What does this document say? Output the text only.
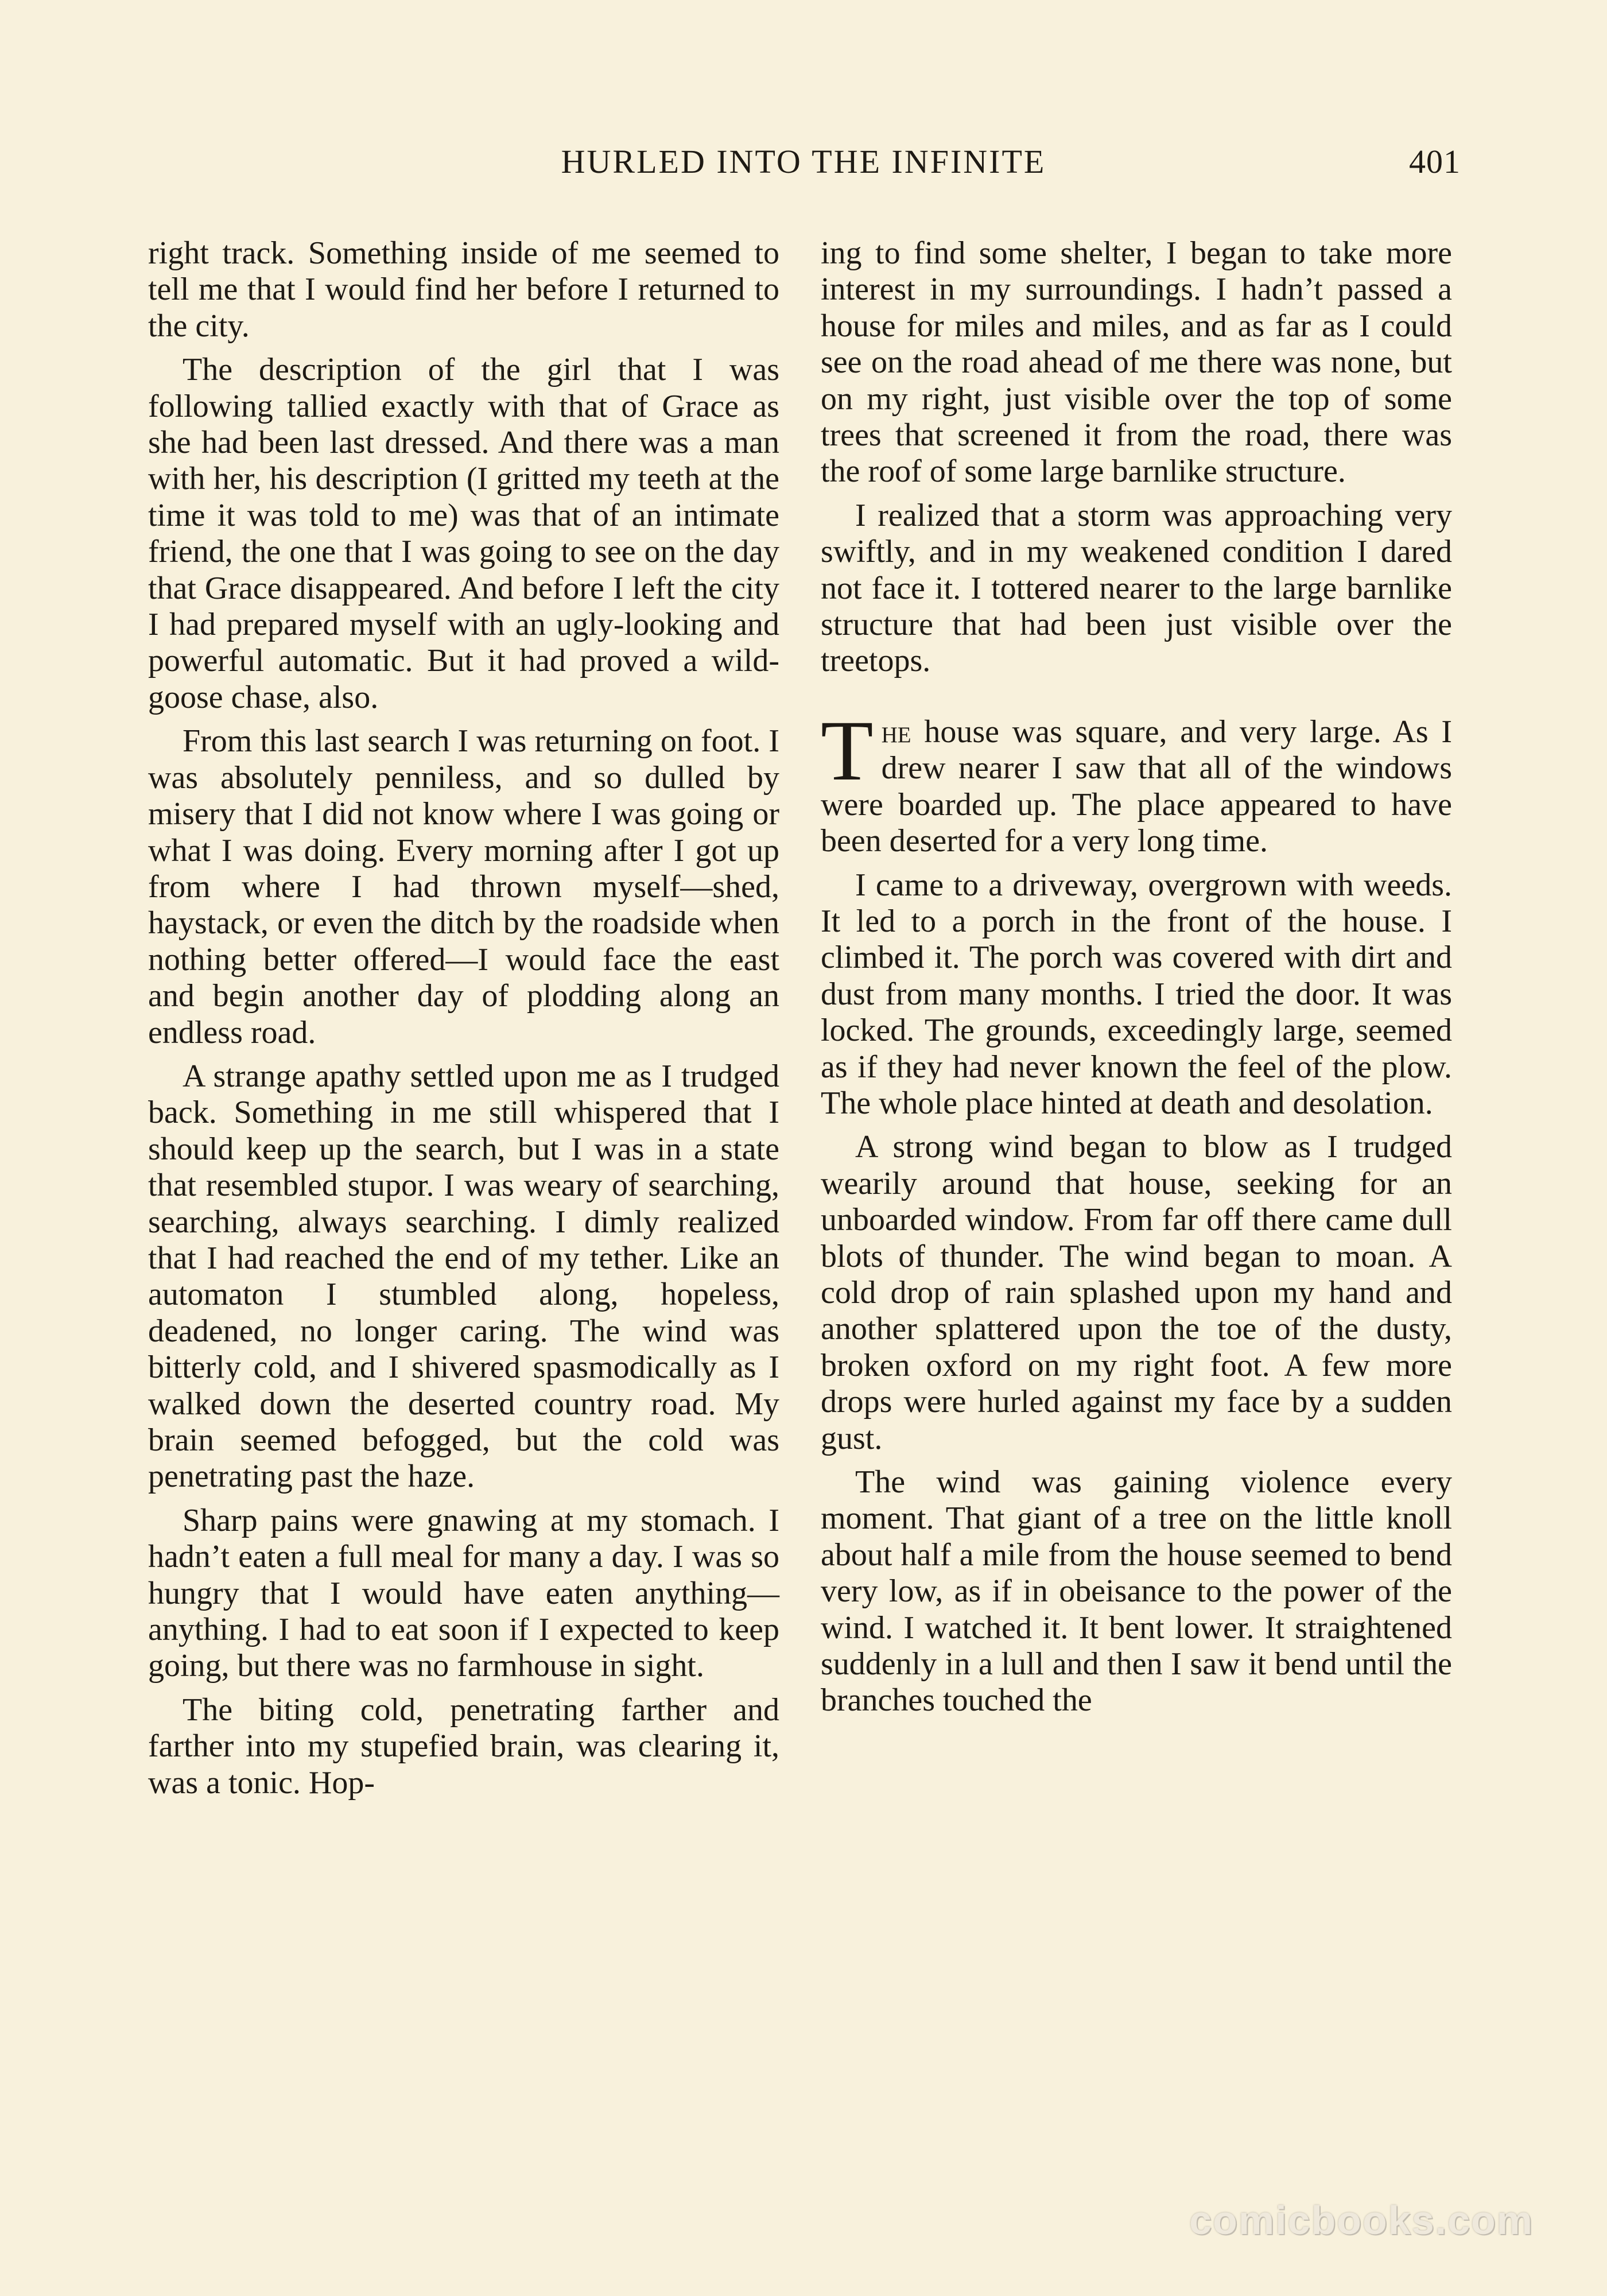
HURLED INTO THE INFINITE	401

right track. Something inside of me seemed to tell me that I would find her before I returned to the city.

The description of the girl that I was following tallied exactly with that of Grace as she had been last dressed. And there was a man with her, his description (I gritted my teeth at the time it was told to me) was that of an intimate friend, the one that I was going to see on the day that Grace disappeared. And before I left the city I had prepared myself with an ugly-looking and powerful automatic. But it had proved a wild-goose chase, also.

From this last search I was returning on foot. I was absolutely penniless, and so dulled by misery that I did not know where I was going or what I was doing. Every morning after I got up from where I had thrown myself—shed, haystack, or even the ditch by the roadside when nothing better offered—I would face the east and begin another day of plodding along an endless road.

A strange apathy settled upon me as I trudged back. Something in me still whispered that I should keep up the search, but I was in a state that resembled stupor. I was weary of searching, searching, always searching. I dimly realized that I had reached the end of my tether. Like an automaton I stumbled along, hopeless, deadened, no longer caring. The wind was bitterly cold, and I shivered spasmodically as I walked down the deserted country road. My brain seemed befogged, but the cold was penetrating past the haze.

Sharp pains were gnawing at my stomach. I hadn’t eaten a full meal for many a day. I was so hungry that I would have eaten anything—anything. I had to eat soon if I expected to keep going, but there was no farmhouse in sight.

The biting cold, penetrating farther and farther into my stupefied brain, was clearing it, was a tonic. Hop-

ing to find some shelter, I began to take more interest in my surroundings. I hadn’t passed a house for miles and miles, and as far as I could see on the road ahead of me there was none, but on my right, just visible over the top of some trees that screened it from the road, there was the roof of some large barnlike structure.

I realized that a storm was approaching very swiftly, and in my weakened condition I dared not face it. I tottered nearer to the large barnlike structure that had been just visible over the treetops.

The house was square, and very large. As I drew nearer I saw that all of the windows were boarded up. The place appeared to have been deserted for a very long time.

I came to a driveway, overgrown with weeds. It led to a porch in the front of the house. I climbed it. The porch was covered with dirt and dust from many months. I tried the door. It was locked. The grounds, exceedingly large, seemed as if they had never known the feel of the plow. The whole place hinted at death and desolation.

A strong wind began to blow as I trudged wearily around that house, seeking for an unboarded window. From far off there came dull blots of thunder. The wind began to moan. A cold drop of rain splashed upon my hand and another splattered upon the toe of the dusty, broken oxford on my right foot. A few more drops were hurled against my face by a sudden gust.

The wind was gaining violence every moment. That giant of a tree on the little knoll about half a mile from the house seemed to bend very low, as if in obeisance to the power of the wind. I watched it. It bent lower. It straightened suddenly in a lull and then I saw it bend until the branches touched the

comicbooks.com
